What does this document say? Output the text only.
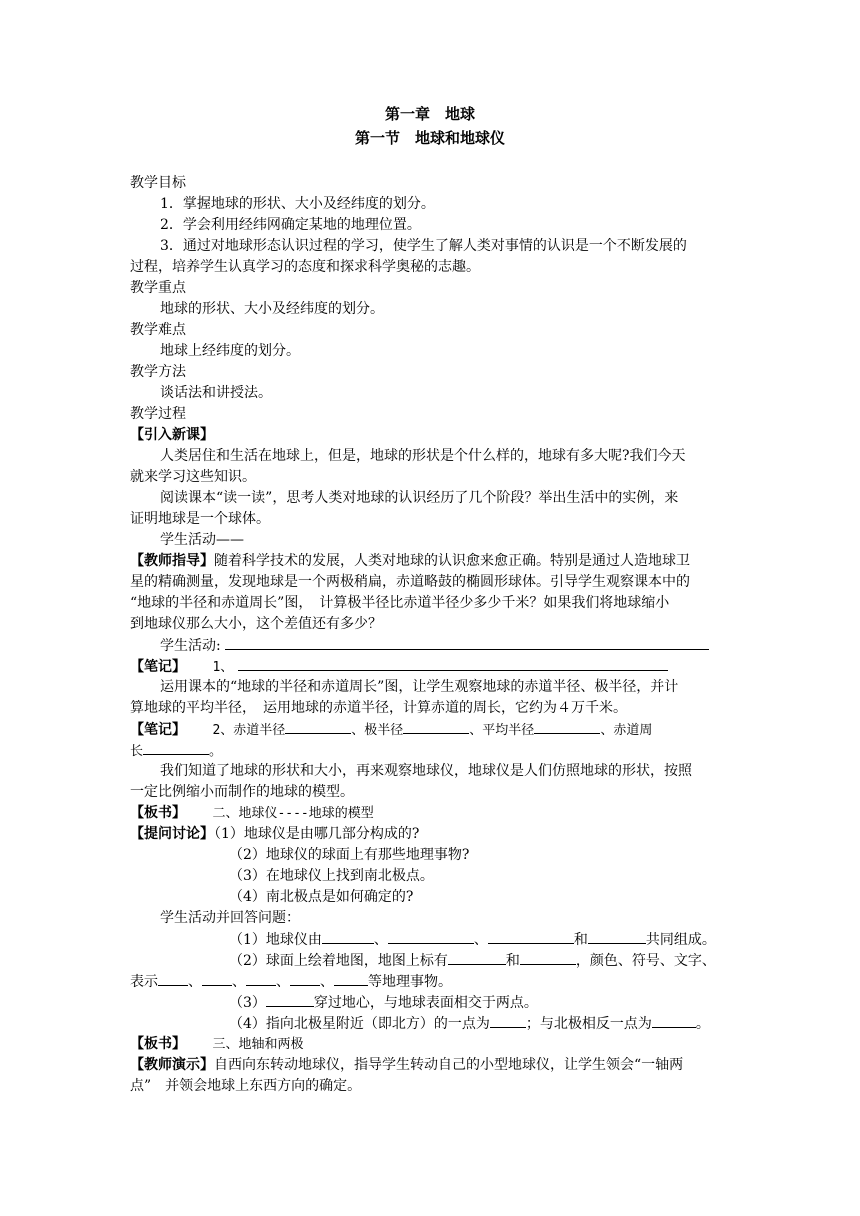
第一章　地球
第一节　地球和地球仪
教学目标
1．掌握地球的形状、大小及经纬度的划分。
2．学会利用经纬网确定某地的地理位置。
3．通过对地球形态认识过程的学习，使学生了解人类对事情的认识是一个不断发展的
过程，培养学生认真学习的态度和探求科学奥秘的志趣。
教学重点
地球的形状、大小及经纬度的划分。
教学难点
地球上经纬度的划分。
教学方法
谈话法和讲授法。
教学过程
【引入新课】
人类居住和生活在地球上，但是，地球的形状是个什么样的，地球有多大呢?我们今天
就来学习这些知识。
阅读课本“读一读”，思考人类对地球的认识经历了几个阶段？举出生活中的实例，来
证明地球是一个球体。
学生活动——
【教师指导】随着科学技术的发展，人类对地球的认识愈来愈正确。特别是通过人造地球卫
星的精确测量，发现地球是一个两极稍扁，赤道略鼓的椭圆形球体。引导学生观察课本中的
“地球的半径和赤道周长”图，　计算极半径比赤道半径少多少千米？如果我们将地球缩小
到地球仪那么大小，这个差值还有多少？
学生活动:
【笔记】 1、
运用课本的“地球的半径和赤道周长”图，让学生观察地球的赤道半径、极半径，并计
算地球的平均半径，　运用地球的赤道半径，计算赤道的周长，它约为４万千米。
【笔记】 2、赤道半径	、极半径	、平均半径	、赤道周
长	。
我们知道了地球的形状和大小，再来观察地球仪，地球仪是人们仿照地球的形状，按照
一定比例缩小而制作的地球的模型。
【板书】 二、地球仪----地球的模型
【提问讨论】（1）地球仪是由哪几部分构成的?
（2）地球仪的球面上有那些地理事物?
（3）在地球仪上找到南北极点。
（4）南北极点是如何确定的?
学生活动并回答问题：
（1）地球仪由	、	、	和	共同组成。
（2）球面上绘着地图，地图上标有	和	，颜色、符号、文字、
表示 、 、 、 、 等地理事物。
（3）	穿过地心，与地球表面相交于两点。
（4）指向北极星附近（即北方）的一点为	；与北极相反一点为	。
【板书】 三、地轴和两极
【教师演示】自西向东转动地球仪，指导学生转动自己的小型地球仪，让学生领会“一轴两
点”　并领会地球上东西方向的确定。
